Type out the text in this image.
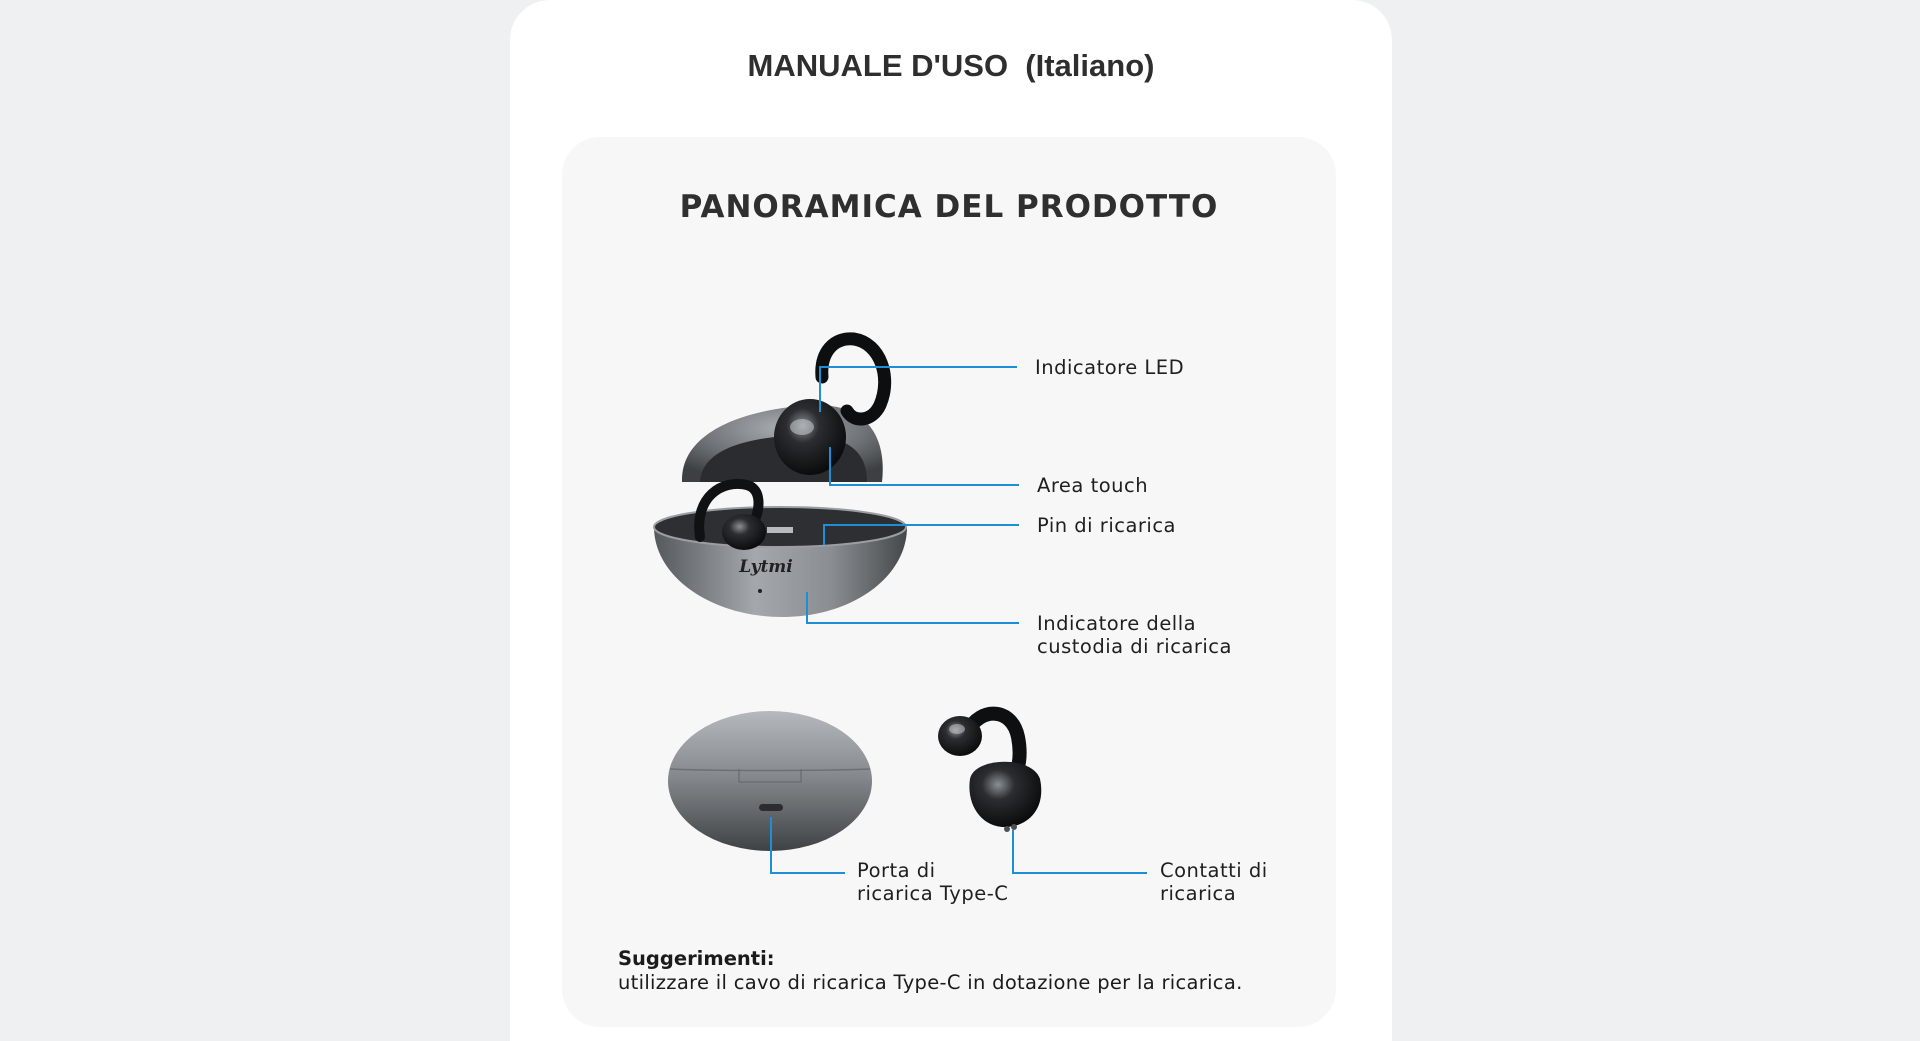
MANUALE D'USO  (Italiano)
PANORAMICA DEL PRODOTTO
Lytmi
Indicatore LED
Area touch
Pin di ricarica
Indicatore della
custodia di ricarica
Porta di
ricarica Type-C
Contatti di
ricarica
Suggerimenti:
utilizzare il cavo di ricarica Type-C in dotazione per la ricarica.
